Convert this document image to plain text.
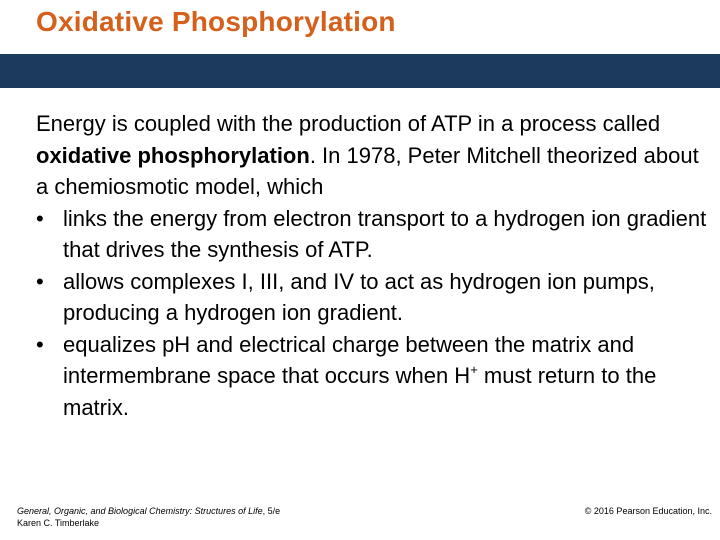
Oxidative Phosphorylation

Energy is coupled with the production of ATP in a process called oxidative phosphorylation. In 1978, Peter Mitchell theorized about a chemiosmotic model, which

• links the energy from electron transport to a hydrogen ion gradient that drives the synthesis of ATP.
• allows complexes I, III, and IV to act as hydrogen ion pumps, producing a hydrogen ion gradient.
• equalizes pH and electrical charge between the matrix and intermembrane space that occurs when H+ must return to the matrix.
General, Organic, and Biological Chemistry: Structures of Life, 5/e
Karen C. Timberlake
© 2016 Pearson Education, Inc.
